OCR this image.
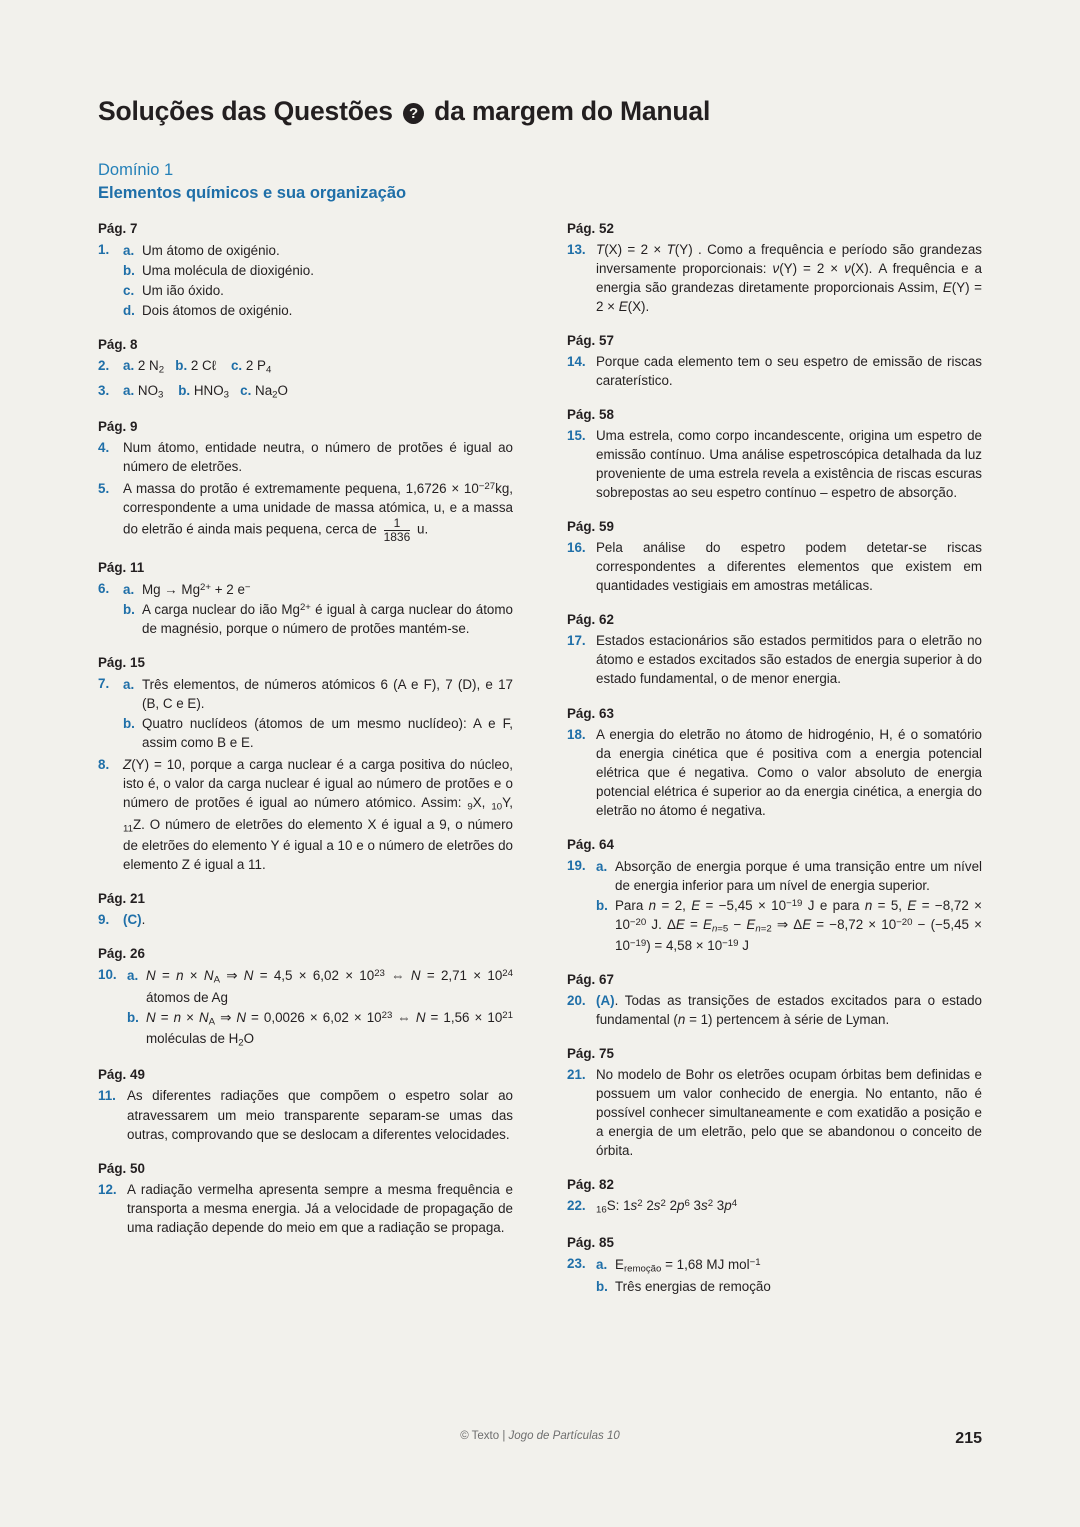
Soluções das Questões ? da margem do Manual
Domínio 1
Elementos químicos e sua organização
Pág. 7
1.	a. Um átomo de oxigénio.
b. Uma molécula de dioxigénio.
c. Um ião óxido.
d. Dois átomos de oxigénio.
Pág. 8
2.	a. 2 $N_2$ b. 2 Cℓ    c. 2 $P_4$
3.	a. $NO_3$ b. $HNO_3$ c. $Na_2O$
Pág. 9
4.	Num átomo, entidade neutra, o número de protões é igual ao número de eletrões.
5.	A massa do protão é extremamente pequena, $1,6726 \times 10^{-27}kg$, correspondente a uma unidade de massa atómica, u, e a massa do eletrão é ainda mais pequena, cerca de $\frac{1}{1836} u$.
Pág. 11
6.	a. $Mg \to Mg^{2+} + 2$ e−
b. A carga nuclear do ião $Mg^{2+}$ é igual à carga nuclear do átomo de magnésio, porque o número de protões mantém-se.
Pág. 15
7.	a. Três elementos, de números atómicos 6 (A e F), 7 (D), e 17 (B, C e E).
b. Quatro nuclídeos (átomos de um mesmo nuclídeo): A e F, assim como B e E.
8.	Z(Y) = 10, porque a carga nuclear é a carga positiva do núcleo, isto é, o valor da carga nuclear é igual ao número de protões e o número de protões é igual ao número atómico. Assim: $_9$X, $_{10}$Y, $_{11}$Z. O número de eletrões do elemento X é igual a 9, o número de eletrões do elemento Y é igual a 10 e o número de eletrões do elemento Z é igual a 11.
Pág. 21
9.	(C).
Pág. 26
10. a. $N = n \times N_A$ ⇒ $N = 4,5 \times 6,02 \times 10^{23}$ ⇔ $N = 2,71 \times 10^{24}$ átomos de Ag
b. $N = n \times N_A$ ⇒ $N = 0,0026 \times 6,02 \times 10^{23}$ ⇔ $N = 1,56 \times 10^{21}$ moléculas de $H_2O$
Pág. 49
11. As diferentes radiações que compõem o espetro solar ao atravessarem um meio transparente separam-se umas das outras, comprovando que se deslocam a diferentes velocidades.
Pág. 50
12. A radiação vermelha apresenta sempre a mesma frequência e transporta a mesma energia. Já a velocidade de propagação de uma radiação depende do meio em que a radiação se propaga.
Pág. 52
13. T(X) = 2 × T(Y) . Como a frequência e período são grandezas inversamente proporcionais: ν(Y) = 2 × ν(X). A frequência e a energia são grandezas diretamente proporcionais Assim, E(Y) = 2 × E(X).
Pág. 57
14. Porque cada elemento tem o seu espetro de emissão de riscas caraterístico.
Pág. 58
15. Uma estrela, como corpo incandescente, origina um espetro de emissão contínuo. Uma análise espetroscópica detalhada da luz proveniente de uma estrela revela a existência de riscas escuras sobrepostas ao seu espetro contínuo – espetro de absorção.
Pág. 59
16. Pela análise do espetro podem detetar-se riscas correspondentes a diferentes elementos que existem em quantidades vestigiais em amostras metálicas.
Pág. 62
17. Estados estacionários são estados permitidos para o eletrão no átomo e estados excitados são estados de energia superior à do estado fundamental, o de menor energia.
Pág. 63
18. A energia do eletrão no átomo de hidrogénio, H, é o somatório da energia cinética que é positiva com a energia potencial elétrica que é negativa. Como o valor absoluto de energia potencial elétrica é superior ao da energia cinética, a energia do eletrão no átomo é negativa.
Pág. 64
19. a. Absorção de energia porque é uma transição entre um nível de energia inferior para um nível de energia superior.
b. Para n = 2, $E = -5,45 \times 10^{-19}$ J e para n = 5, $E = -8,72 \times 10^{-20}$ J. $\Delta E = E_{n=5} - E_{n=2}$ ⇒ $\Delta E = -8,72 \times 10^{-20} - (-5,45 \times 10^{-19}) = 4,58 \times 10^{-19}$ J
Pág. 67
20. (A). Todas as transições de estados excitados para o estado fundamental (n = 1) pertencem à série de Lyman.
Pág. 75
21. No modelo de Bohr os eletrões ocupam órbitas bem definidas e possuem um valor conhecido de energia. No entanto, não é possível conhecer simultaneamente e com exatidão a posição e a energia de um eletrão, pelo que se abandonou o conceito de órbita.
Pág. 82
22.	$_{16}$S: $1s^2$ $2s^2$ $2p^6$ $3s^2$ $3p^4$
Pág. 85
23. a. $E_{remoção} = 1,68$ MJ mol$^{-1}$
b. Três energias de remoção
© Texto | Jogo de Partículas 10	215
